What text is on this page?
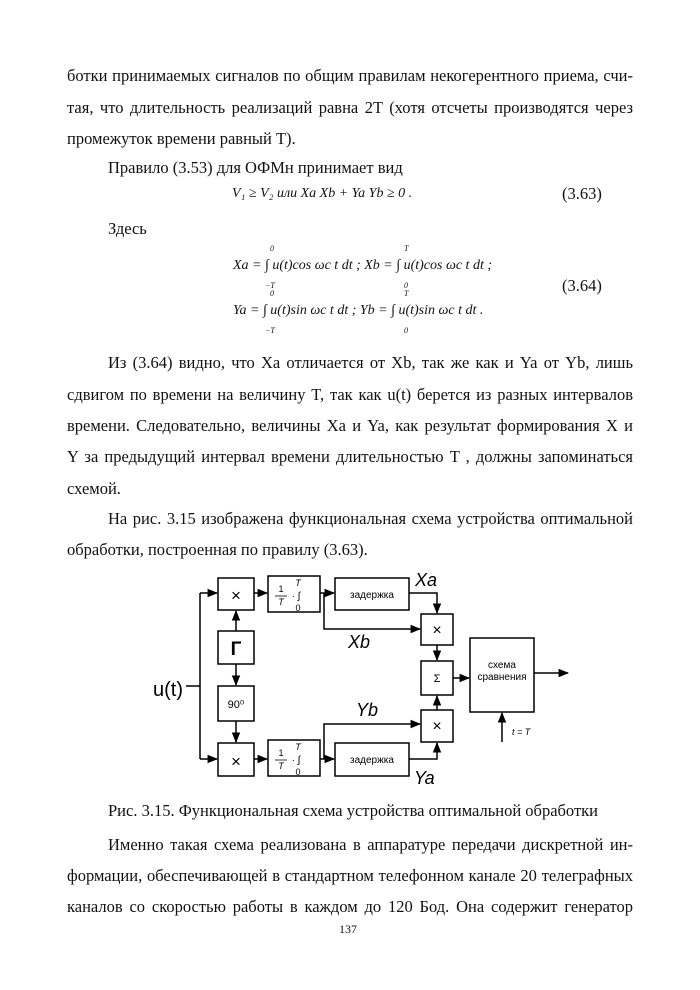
ботки принимаемых сигналов по общим правилам некогерентного приема, счи-
тая, что длительность реализаций равна 2T (хотя отсчеты производятся через
промежуток времени равный T).
Правило (3.53) для ОФМн принимает вид
V₁ ≥ V₂ или Xa Xb + Ya Yb ≥ 0 .	(3.63)
Здесь
Xa = ∫ u(t)cos ωc t dt ; Xb = ∫ u(t)cos ωc t dt ;
Ya = ∫ u(t)sin ωc t dt ; Yb = ∫ u(t)sin ωc t dt .
0
−T
T
0
0
−T
T
0
(3.64)
Из (3.64) видно, что Xa отличается от Xb, так же как и Ya от Yb, лишь
сдвигом по времени на величину T, так как u(t) берется из разных интервалов
времени. Следовательно, величины Xa и Ya, как результат формирования X и
Y за предыдущий интервал времени длительностью T , должны запоминаться
схемой.
На рис. 3.15 изображена функциональная схема устройства оптимальной
обработки, построенная по правилу (3.63).
u(t)
×
Г
90⁰
×
1
T
T
· ∫
0
1
T
T
· ∫
0
задержка
задержка
×
Σ
×
схема
сравнения
Xa
Xb
Yb
Ya
t = T
Рис. 3.15. Функциональная схема устройства оптимальной обработки
Именно такая схема реализована в аппаратуре передачи дискретной ин-
формации, обеспечивающей в стандартном телефонном канале 20 телеграфных
каналов со скоростью работы в каждом до 120 Бод. Она содержит генератор
137
